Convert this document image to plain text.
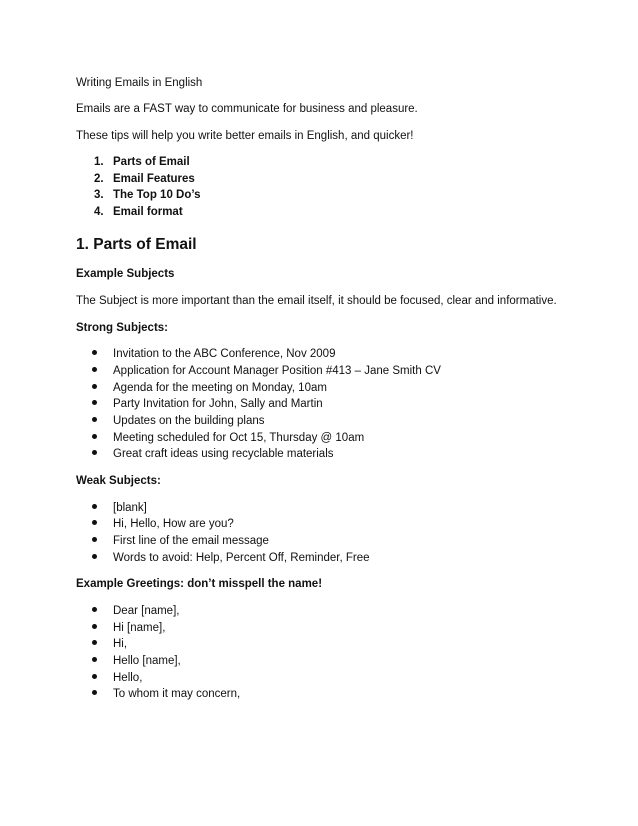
Writing Emails in English
Emails are a FAST way to communicate for business and pleasure.
These tips will help you write better emails in English, and quicker!
1. Parts of Email
2. Email Features
3. The Top 10 Do’s
4. Email format
1. Parts of Email
Example Subjects
The Subject is more important than the email itself, it should be focused, clear and informative.
Strong Subjects:
Invitation to the ABC Conference, Nov 2009
Application for Account Manager Position #413 – Jane Smith CV
Agenda for the meeting on Monday, 10am
Party Invitation for John, Sally and Martin
Updates on the building plans
Meeting scheduled for Oct 15, Thursday @ 10am
Great craft ideas using recyclable materials
Weak Subjects:
[blank]
Hi, Hello, How are you?
First line of the email message
Words to avoid: Help, Percent Off, Reminder, Free
Example Greetings: don’t misspell the name!
Dear [name],
Hi [name],
Hi,
Hello [name],
Hello,
To whom it may concern,
